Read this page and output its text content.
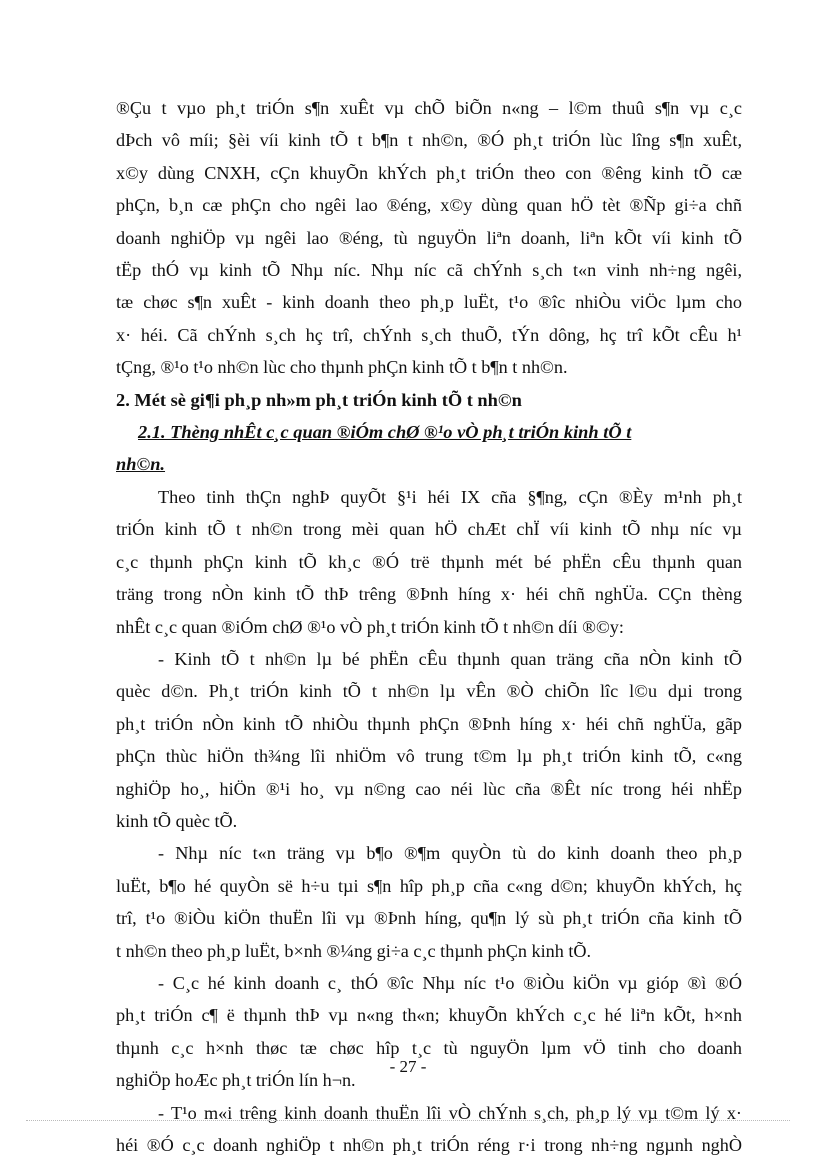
®Çu t vµo ph¸t triÓn s¶n xuÊt vµ chÕ biÕn n«ng – l©m thuû s¶n vµ c¸c

dÞch vô míi; §èi víi kinh tÕ t b¶n t nh©n, ®Ó ph¸t triÓn lùc lîng s¶n xuÊt,

x©y dùng CNXH, cÇn khuyÕn khÝch ph¸t triÓn theo con ®êng kinh tÕ cæ

phÇn, b¸n cæ phÇn cho ngêi lao ®éng, x©y dùng quan hÖ tèt ®Ñp gi÷a chñ

doanh nghiÖp vµ ngêi lao ®éng, tù nguyÖn liªn doanh, liªn kÕt víi kinh tÕ

tËp thÓ vµ kinh tÕ Nhµ níc. Nhµ níc cã chÝnh s¸ch t«n vinh nh÷ng ngêi,

tæ chøc s¶n xuÊt - kinh doanh theo ph¸p luËt, t¹o ®îc nhiÒu viÖc lµm cho

x· héi. Cã chÝnh s¸ch hç trî, chÝnh s¸ch thuÕ, tÝn dông, hç trî kÕt cÊu h¹

tÇng, ®¹o t¹o nh©n lùc cho thµnh phÇn kinh tÕ t b¶n t nh©n.

2. Mét sè gi¶i ph¸p nh»m ph¸t triÓn kinh tÕ t nh©n

2.1. Thèng nhÊt c¸c quan ®iÓm chØ ®¹o vÒ ph¸t triÓn kinh tÕ t

nh©n.

Theo tinh thÇn nghÞ quyÕt §¹i héi IX cña §¶ng, cÇn ®Èy m¹nh ph¸t

triÓn kinh tÕ t nh©n trong mèi quan hÖ chÆt chÏ víi kinh tÕ nhµ níc vµ

c¸c thµnh phÇn kinh tÕ kh¸c ®Ó trë thµnh mét bé phËn cÊu thµnh quan

träng trong nÒn kinh tÕ thÞ trêng ®Þnh híng x· héi chñ nghÜa. CÇn thèng

nhÊt c¸c quan ®iÓm chØ ®¹o vÒ ph¸t triÓn kinh tÕ t nh©n díi ®©y:

- Kinh tÕ t nh©n lµ bé phËn cÊu thµnh quan träng cña nÒn kinh tÕ

quèc d©n. Ph¸t triÓn kinh tÕ t nh©n lµ vÊn ®Ò chiÕn lîc l©u dµi trong

ph¸t triÓn nÒn kinh tÕ nhiÒu thµnh phÇn ®Þnh híng x· héi chñ nghÜa, gãp

phÇn thùc hiÖn th¾ng lîi nhiÖm vô trung t©m lµ ph¸t triÓn kinh tÕ, c«ng

nghiÖp ho¸, hiÖn ®¹i ho¸ vµ n©ng cao néi lùc cña ®Êt níc trong héi nhËp

kinh tÕ quèc tÕ.

- Nhµ níc t«n träng vµ b¶o ®¶m quyÒn tù do kinh doanh theo ph¸p

luËt, b¶o hé quyÒn së h÷u tµi s¶n hîp ph¸p cña c«ng d©n; khuyÕn khÝch, hç

trî, t¹o ®iÒu kiÖn thuËn lîi vµ ®Þnh híng, qu¶n lý sù ph¸t triÓn cña kinh tÕ

t nh©n theo ph¸p luËt, b×nh ®¼ng gi÷a c¸c thµnh phÇn kinh tÕ.

- C¸c hé kinh doanh c¸ thÓ ®îc Nhµ níc t¹o ®iÒu kiÖn vµ gióp ®ì ®Ó

ph¸t triÓn c¶ ë thµnh thÞ vµ n«ng th«n; khuyÕn khÝch c¸c hé liªn kÕt, h×nh

thµnh c¸c h×nh thøc tæ chøc hîp t¸c tù nguyÖn lµm vÖ tinh cho doanh

nghiÖp hoÆc ph¸t triÓn lín h¬n.

- T¹o m«i trêng kinh doanh thuËn lîi vÒ chÝnh s¸ch, ph¸p lý vµ t©m lý x·

héi ®Ó c¸c doanh nghiÖp t nh©n ph¸t triÓn réng r·i trong nh÷ng ngµnh nghÒ

- 27 -
